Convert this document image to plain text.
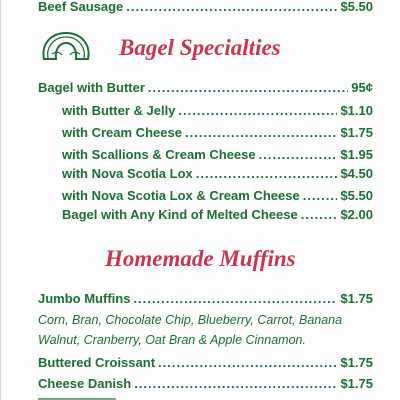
Beef Sausage .....	$5.50
Bagel Specialties
Bagel with Butter .....	95¢
with Butter & Jelly .....	$1.10
with Cream Cheese .....	$1.75
with Scallions & Cream Cheese .....	$1.95
with Nova Scotia Lox .....	$4.50
with Nova Scotia Lox & Cream Cheese .....	$5.50
Bagel with Any Kind of Melted Cheese .....	$2.00
Homemade Muffins
Jumbo Muffins .....	$1.75
Corn, Bran, Chocolate Chip, Blueberry, Carrot, Banana
Walnut, Cranberry, Oat Bran & Apple Cinnamon.
Buttered Croissant .....	$1.75
Cheese Danish .....	$1.75
